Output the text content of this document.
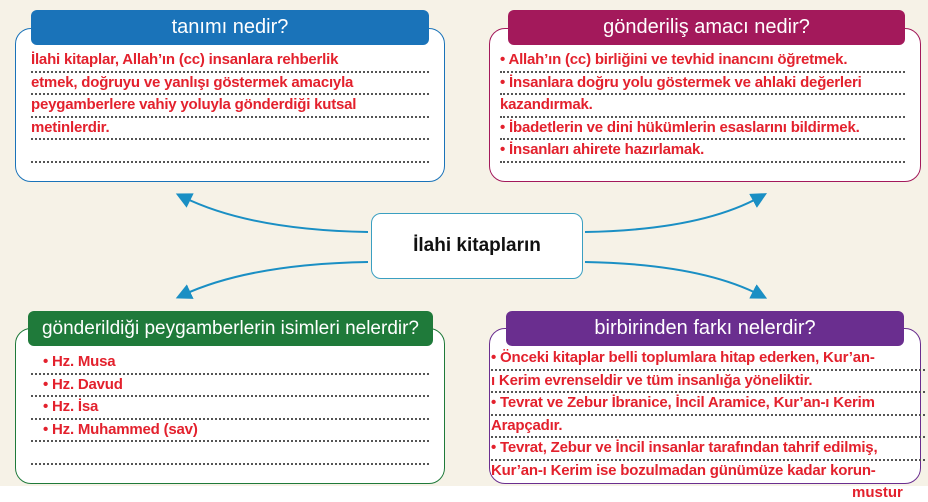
tanımı nedir?
İlahi kitaplar, Allah’ın (cc) insanlara rehberlik
etmek, doğruyu ve yanlışı göstermek amacıyla
peygamberlere vahiy yoluyla gönderdiği kutsal
metinlerdir.
gönderiliş amacı nedir?
• Allah’ın (cc) birliğini ve tevhid inancını öğretmek.
• İnsanlara doğru yolu göstermek ve ahlaki değerleri
kazandırmak.
• İbadetlerin ve dini hükümlerin esaslarını bildirmek.
• İnsanları ahirete hazırlamak.
İlahi kitapların
gönderildiği peygamberlerin isimleri nelerdir?
• Hz. Musa
• Hz. Davud
• Hz. İsa
• Hz. Muhammed (sav)
birbirinden farkı nelerdir?
• Önceki kitaplar belli toplumlara hitap ederken, Kur’an-
ı Kerim evrenseldir ve tüm insanlığa yöneliktir.
• Tevrat ve Zebur İbranice, İncil Aramice, Kur’an-ı Kerim
Arapçadır.
• Tevrat, Zebur ve İncil insanlar tarafından tahrif edilmiş,
Kur’an-ı Kerim ise bozulmadan günümüze kadar korun-
mustur
